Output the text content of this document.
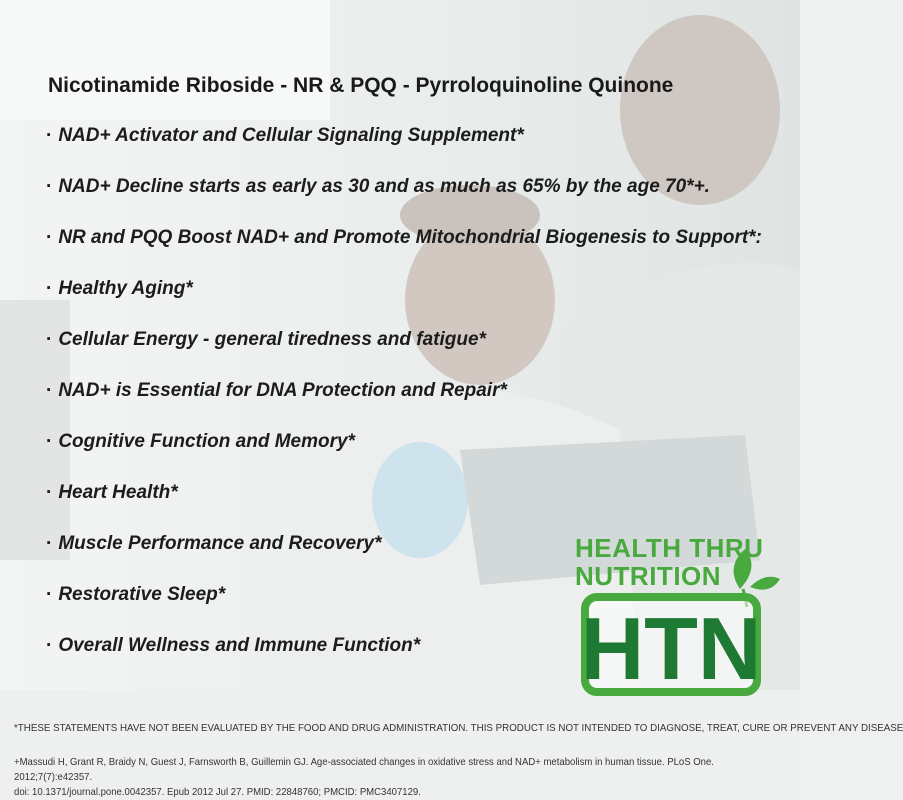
Nicotinamide Riboside - NR & PQQ - Pyrroloquinoline Quinone
· NAD+ Activator and Cellular Signaling Supplement*
· NAD+ Decline starts as early as 30 and as much as 65% by the age 70*+.
· NR and PQQ Boost NAD+ and Promote Mitochondrial Biogenesis to Support*:
· Healthy Aging*
· Cellular Energy - general tiredness and fatigue*
· NAD+ is Essential for DNA Protection and Repair*
· Cognitive Function and Memory*
· Heart Health*
· Muscle Performance and Recovery*
· Restorative Sleep*
· Overall Wellness and Immune Function*	HTN
HEALTH THRU
NUTRITION
*THESE STATEMENTS HAVE NOT BEEN EVALUATED BY THE FOOD AND DRUG ADMINISTRATION. THIS PRODUCT IS NOT INTENDED TO DIAGNOSE, TREAT, CURE OR PREVENT ANY DISEASE
+Massudi H, Grant R, Braidy N, Guest J, Farnsworth B, Guillemin GJ. Age-associated changes in oxidative stress and NAD+ metabolism in human tissue. PLoS One. 2012;7(7):e42357.
doi: 10.1371/journal.pone.0042357. Epub 2012 Jul 27. PMID: 22848760; PMCID: PMC3407129.
